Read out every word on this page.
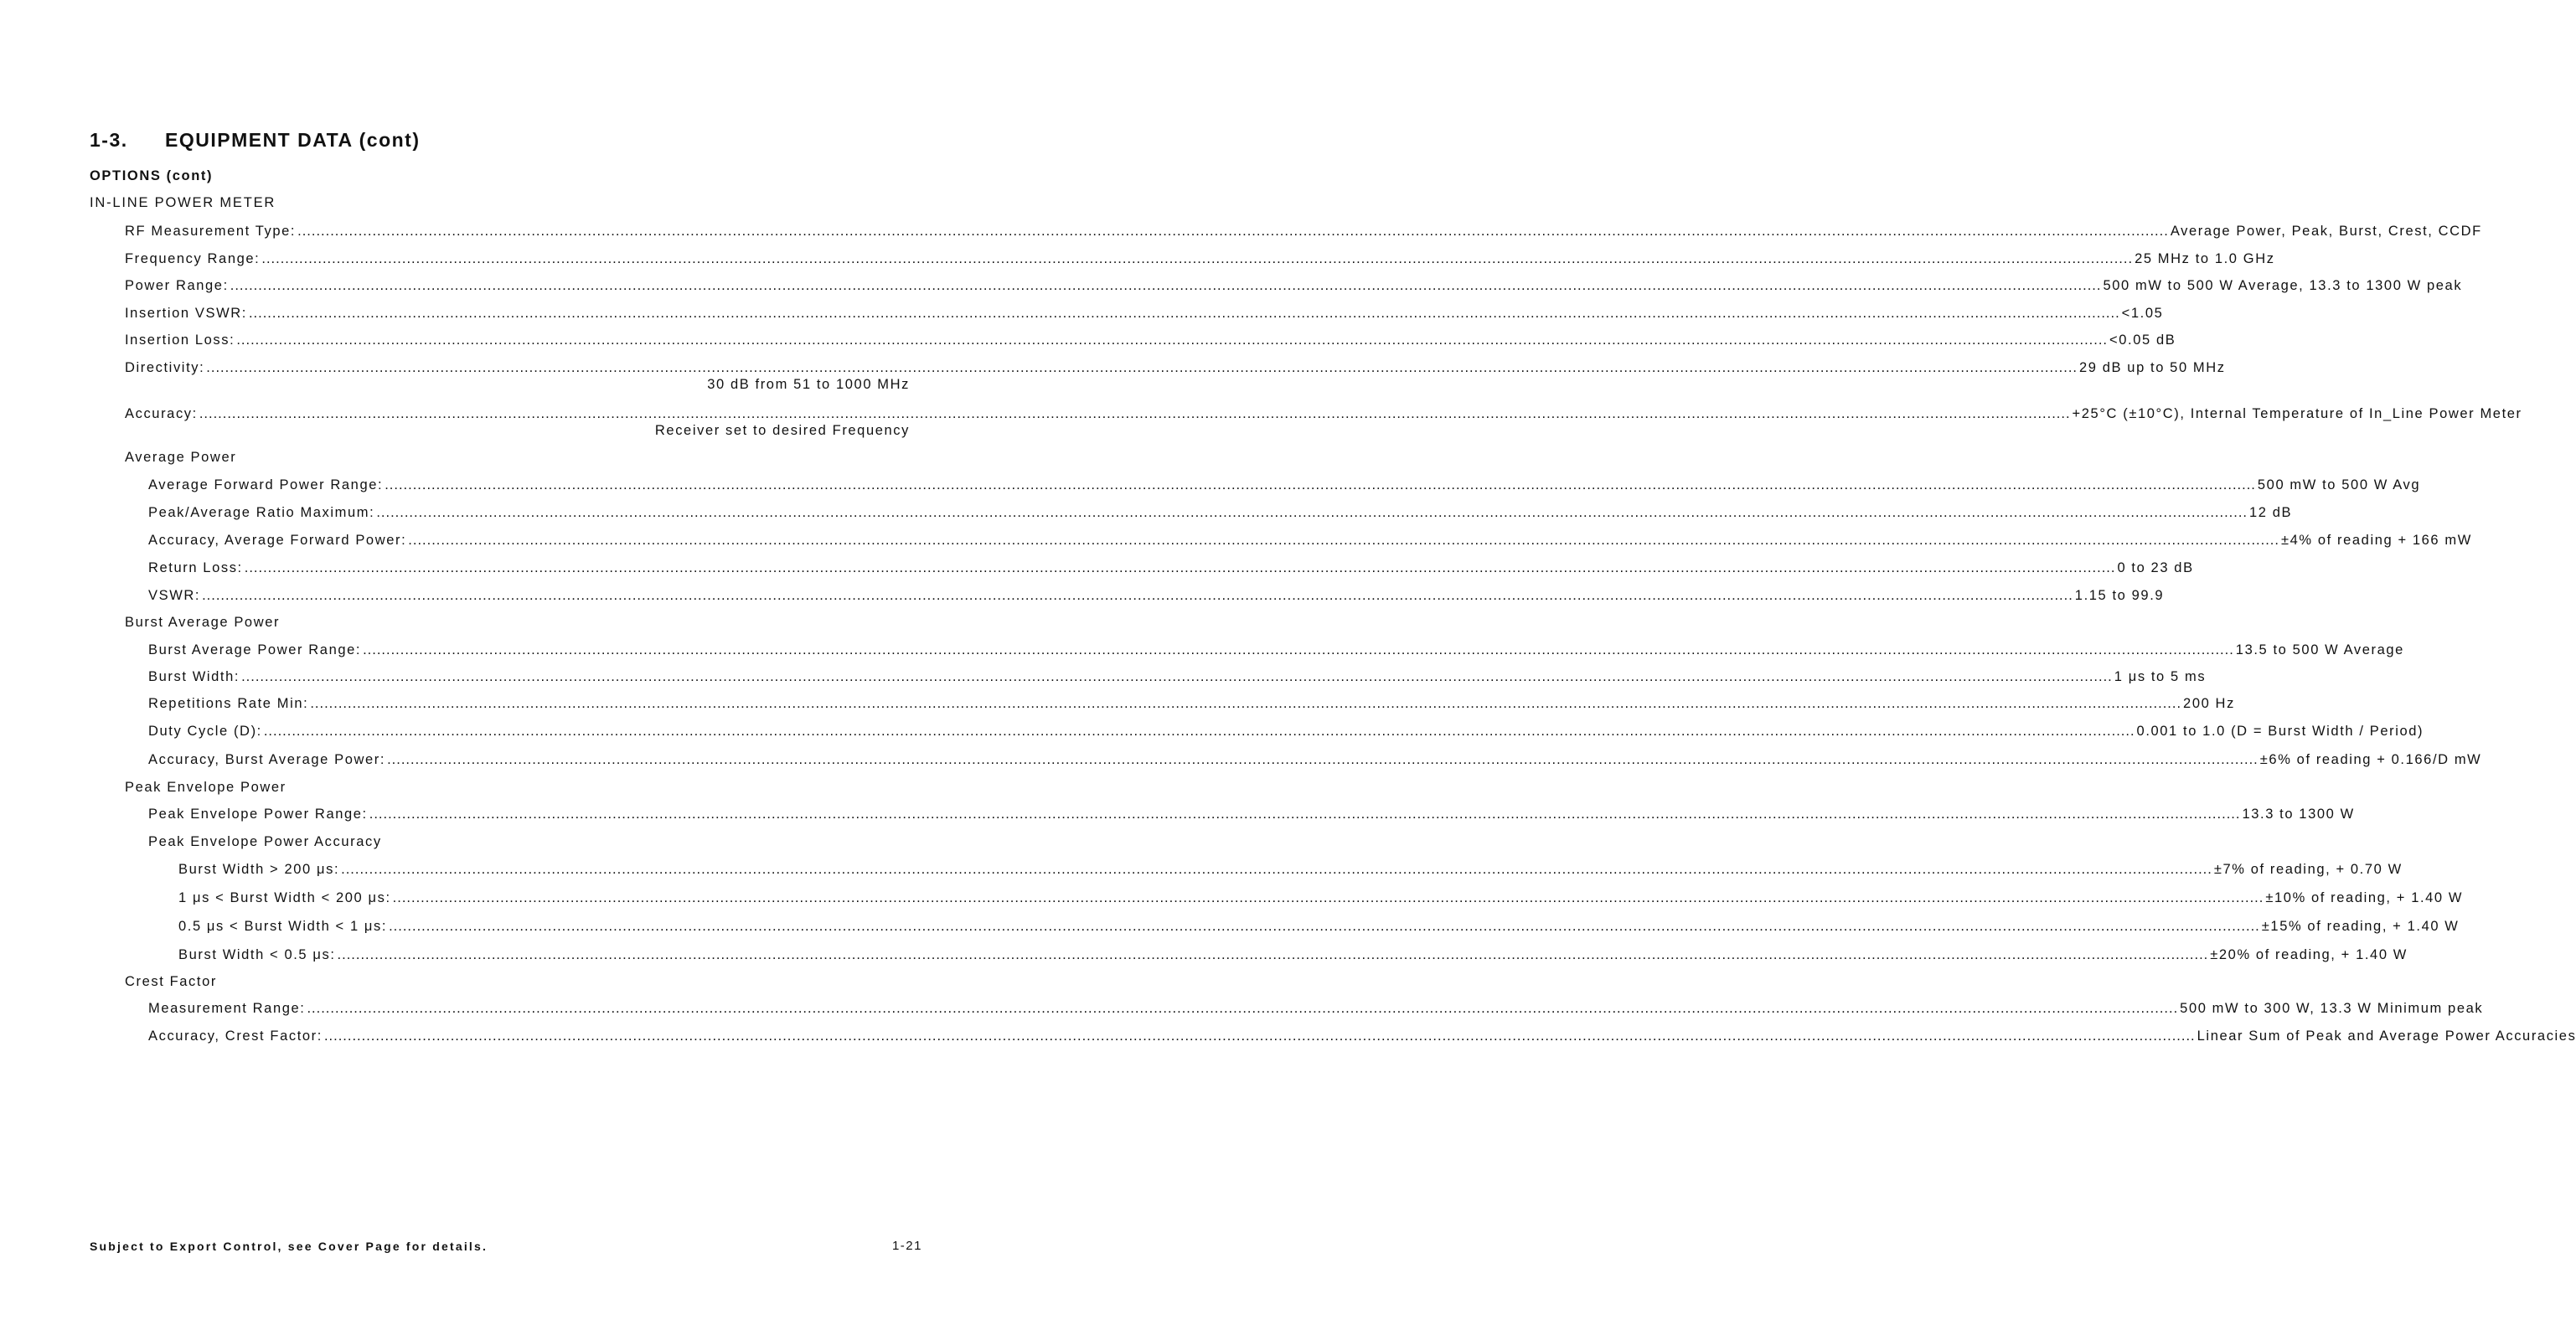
1-3. EQUIPMENT DATA (cont)
OPTIONS (cont)
IN-LINE POWER METER
RF Measurement Type: ................................................................................................................................................................................................................................................................................................................................................................................................................ Average Power, Peak, Burst, Crest, CCDF
Frequency Range: ................................................................................................................................................................................................................................................................................................................................................................................................................ 25 MHz to 1.0 GHz
Power Range: ................................................................................................................................................................................................................................................................................................................................................................................................................ 500 mW to 500 W Average, 13.3 to 1300 W peak
Insertion VSWR: ................................................................................................................................................................................................................................................................................................................................................................................................................ <1.05
Insertion Loss: ................................................................................................................................................................................................................................................................................................................................................................................................................ <0.05 dB
Directivity: ................................................................................................................................................................................................................................................................................................................................................................................................................ 29 dB up to 50 MHz
30 dB from 51 to 1000 MHz
Accuracy: ................................................................................................................................................................................................................................................................................................................................................................................................................ +25°C (±10°C), Internal Temperature of In_Line Power Meter
Receiver set to desired Frequency
Average Power
Average Forward Power Range: ................................................................................................................................................................................................................................................................................................................................................................................................................ 500 mW to 500 W Avg
Peak/Average Ratio Maximum: ................................................................................................................................................................................................................................................................................................................................................................................................................ 12 dB
Accuracy, Average Forward Power: ................................................................................................................................................................................................................................................................................................................................................................................................................ ±4% of reading + 166 mW
Return Loss: ................................................................................................................................................................................................................................................................................................................................................................................................................ 0 to 23 dB
VSWR: ................................................................................................................................................................................................................................................................................................................................................................................................................ 1.15 to 99.9
Burst Average Power
Burst Average Power Range: ................................................................................................................................................................................................................................................................................................................................................................................................................ 13.5 to 500 W Average
Burst Width: ................................................................................................................................................................................................................................................................................................................................................................................................................ 1 μs to 5 ms
Repetitions Rate Min: ................................................................................................................................................................................................................................................................................................................................................................................................................ 200 Hz
Duty Cycle (D): ................................................................................................................................................................................................................................................................................................................................................................................................................ 0.001 to 1.0 (D = Burst Width / Period)
Accuracy, Burst Average Power: ................................................................................................................................................................................................................................................................................................................................................................................................................ ±6% of reading + 0.166/D mW
Peak Envelope Power
Peak Envelope Power Range: ................................................................................................................................................................................................................................................................................................................................................................................................................ 13.3 to 1300 W
Peak Envelope Power Accuracy
Burst Width > 200 μs: ................................................................................................................................................................................................................................................................................................................................................................................................................ ±7% of reading, + 0.70 W
1 μs < Burst Width < 200 μs: ................................................................................................................................................................................................................................................................................................................................................................................................................ ±10% of reading, + 1.40 W
0.5 μs < Burst Width < 1 μs: ................................................................................................................................................................................................................................................................................................................................................................................................................ ±15% of reading, + 1.40 W
Burst Width < 0.5 μs: ................................................................................................................................................................................................................................................................................................................................................................................................................ ±20% of reading, + 1.40 W
Crest Factor
Measurement Range: ................................................................................................................................................................................................................................................................................................................................................................................................................ 500 mW to 300 W, 13.3 W Minimum peak
Accuracy, Crest Factor: ................................................................................................................................................................................................................................................................................................................................................................................................................ Linear Sum of Peak and Average Power Accuracies
Subject to Export Control, see Cover Page for details.	1-21
